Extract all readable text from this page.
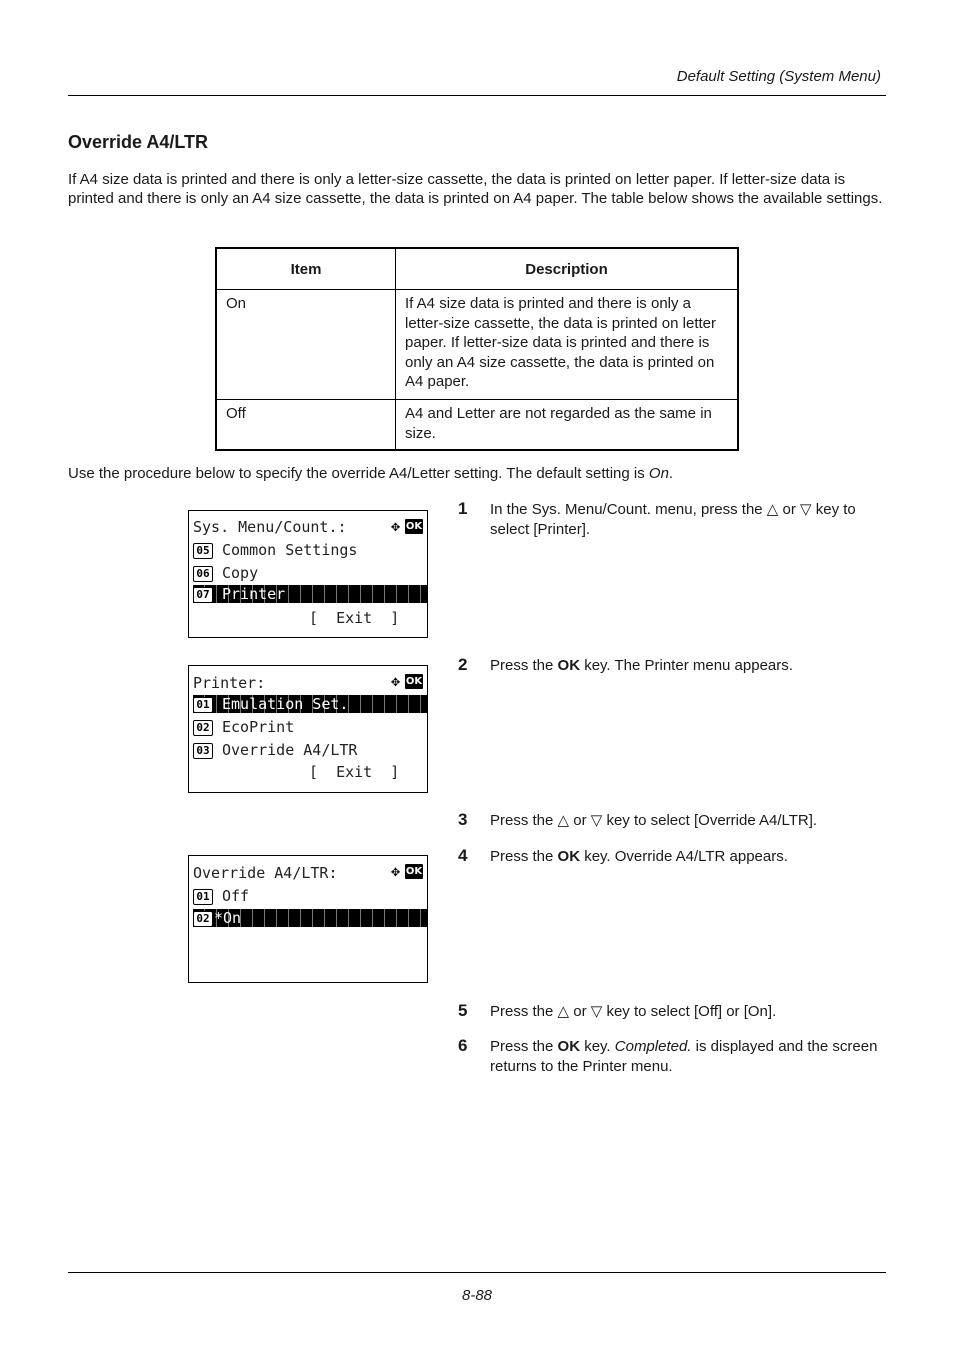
Default Setting (System Menu)
Override A4/LTR
If A4 size data is printed and there is only a letter-size cassette, the data is printed on letter paper. If letter-size data is printed and there is only an A4 size cassette, the data is printed on A4 paper. The table below shows the available settings.
Item	Description
On	If A4 size data is printed and there is only a letter-size cassette, the data is printed on letter paper. If letter-size data is printed and there is only an A4 size cassette, the data is printed on A4 paper.
Off	A4 and Letter are not regarded as the same in size.
Use the procedure below to specify the override A4/Letter setting. The default setting is On.
Sys. Menu/Count.:	✥ OK
05 Common Settings
06 Copy
07 Printer
[  Exit  ]
1 In the Sys. Menu/Count. menu, press the △ or ▽ key to select [Printer].
Printer:	✥ OK
01 Emulation Set.
02 EcoPrint
03 Override A4/LTR
[  Exit  ]
2 Press the OK key. The Printer menu appears.
3 Press the △ or ▽ key to select [Override A4/LTR].
4 Press the OK key. Override A4/LTR appears.
Override A4/LTR:	✥ OK
01 Off
02 *On
5 Press the △ or ▽ key to select [Off] or [On].
6 Press the OK key. Completed. is displayed and the screen returns to the Printer menu.
8-88
